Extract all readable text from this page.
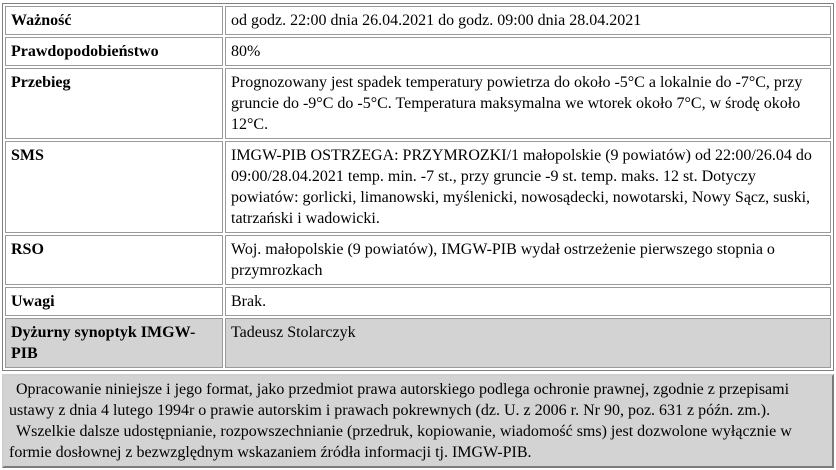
Ważność	od godz. 22:00 dnia 26.04.2021 do godz. 09:00 dnia 28.04.2021
Prawdopodobieństwo	80%
Przebieg	Prognozowany jest spadek temperatury powietrza do około -5°C a lokalnie do -7°C, przy gruncie do -9°C do -5°C. Temperatura maksymalna we wtorek około 7°C, w środę około 12°C.
SMS	IMGW-PIB OSTRZEGA: PRZYMROZKI/1 małopolskie (9 powiatów) od 22:00/26.04 do 09:00/28.04.2021 temp. min. -7 st., przy gruncie -9 st. temp. maks. 12 st. Dotyczy powiatów: gorlicki, limanowski, myślenicki, nowosądecki, nowotarski, Nowy Sącz, suski, tatrzański i wadowicki.
RSO	Woj. małopolskie (9 powiatów), IMGW-PIB wydał ostrzeżenie pierwszego stopnia o przymrozkach
Uwagi	Brak.
Dyżurny synoptyk IMGW-PIB	Tadeusz Stolarczyk

Opracowanie niniejsze i jego format, jako przedmiot prawa autorskiego podlega ochronie prawnej, zgodnie z przepisami ustawy z dnia 4 lutego 1994r o prawie autorskim i prawach pokrewnych (dz. U. z 2006 r. Nr 90, poz. 631 z późn. zm.).

Wszelkie dalsze udostępnianie, rozpowszechnianie (przedruk, kopiowanie, wiadomość sms) jest dozwolone wyłącznie w formie dosłownej z bezwzględnym wskazaniem źródła informacji tj. IMGW-PIB.
